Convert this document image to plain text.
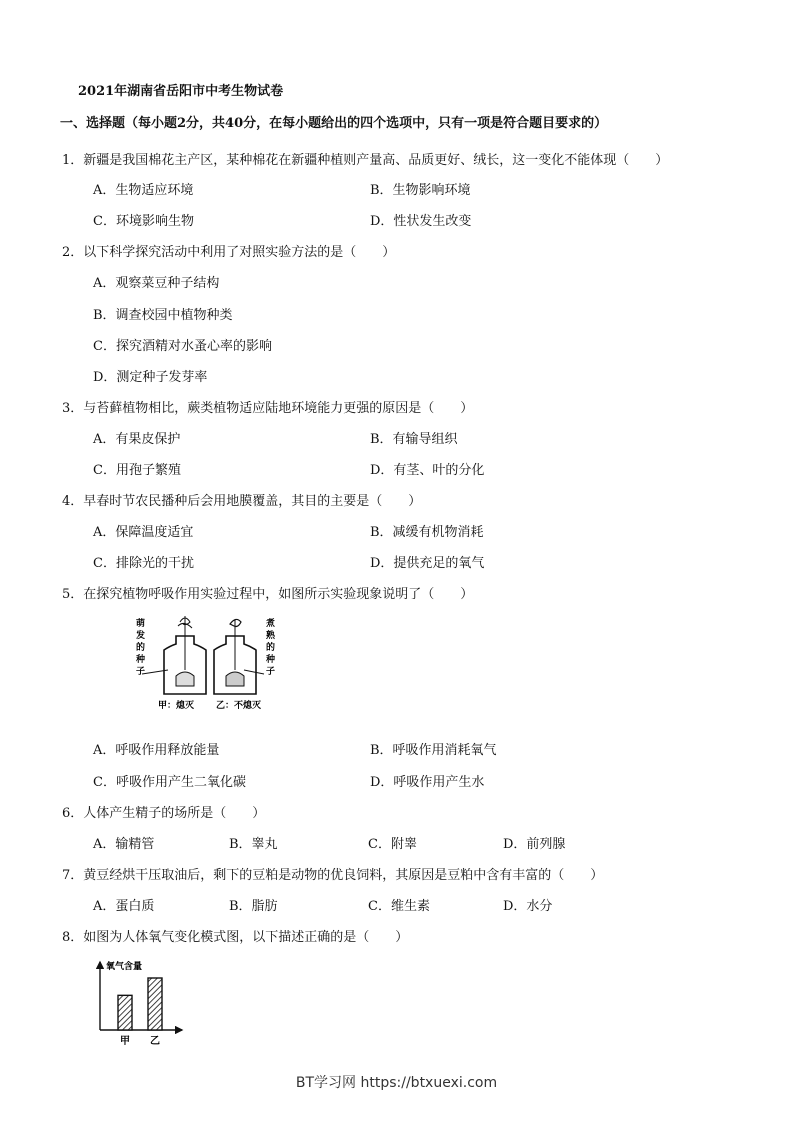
2021年湖南省岳阳市中考生物试卷
一、选择题（每小题2分，共40分，在每小题给出的四个选项中，只有一项是符合题目要求的）
1．新疆是我国棉花主产区，某种棉花在新疆种植则产量高、品质更好、绒长，这一变化不能体现（　　）
A．生物适应环境	B．生物影响环境
C．环境影响生物	D．性状发生改变
2．以下科学探究活动中利用了对照实验方法的是（　　）
A．观察菜豆种子结构
B．调查校园中植物种类
C．探究酒精对水蚤心率的影响
D．测定种子发芽率
3．与苔藓植物相比，蕨类植物适应陆地环境能力更强的原因是（　　）
A．有果皮保护	B．有输导组织
C．用孢子繁殖	D．有茎、叶的分化
4．早春时节农民播种后会用地膜覆盖，其目的主要是（　　）
A．保障温度适宜	B．减缓有机物消耗
C．排除光的干扰	D．提供充足的氧气
5．在探究植物呼吸作用实验过程中，如图所示实验现象说明了（　　）
萌 发 的 种 子
煮 熟 的 种 子
甲：熄灭 乙：不熄灭
A．呼吸作用释放能量	B．呼吸作用消耗氧气
C．呼吸作用产生二氧化碳	D．呼吸作用产生水
6．人体产生精子的场所是（　　）
A．输精管	B．睾丸	C．附睾	D．前列腺
7．黄豆经烘干压取油后，剩下的豆粕是动物的优良饲料，其原因是豆粕中含有丰富的（　　）
A．蛋白质	B．脂肪	C．维生素	D．水分
8．如图为人体氧气变化模式图，以下描述正确的是（　　）
氧气含量
甲 乙
BT学习网 https://btxuexi.com
